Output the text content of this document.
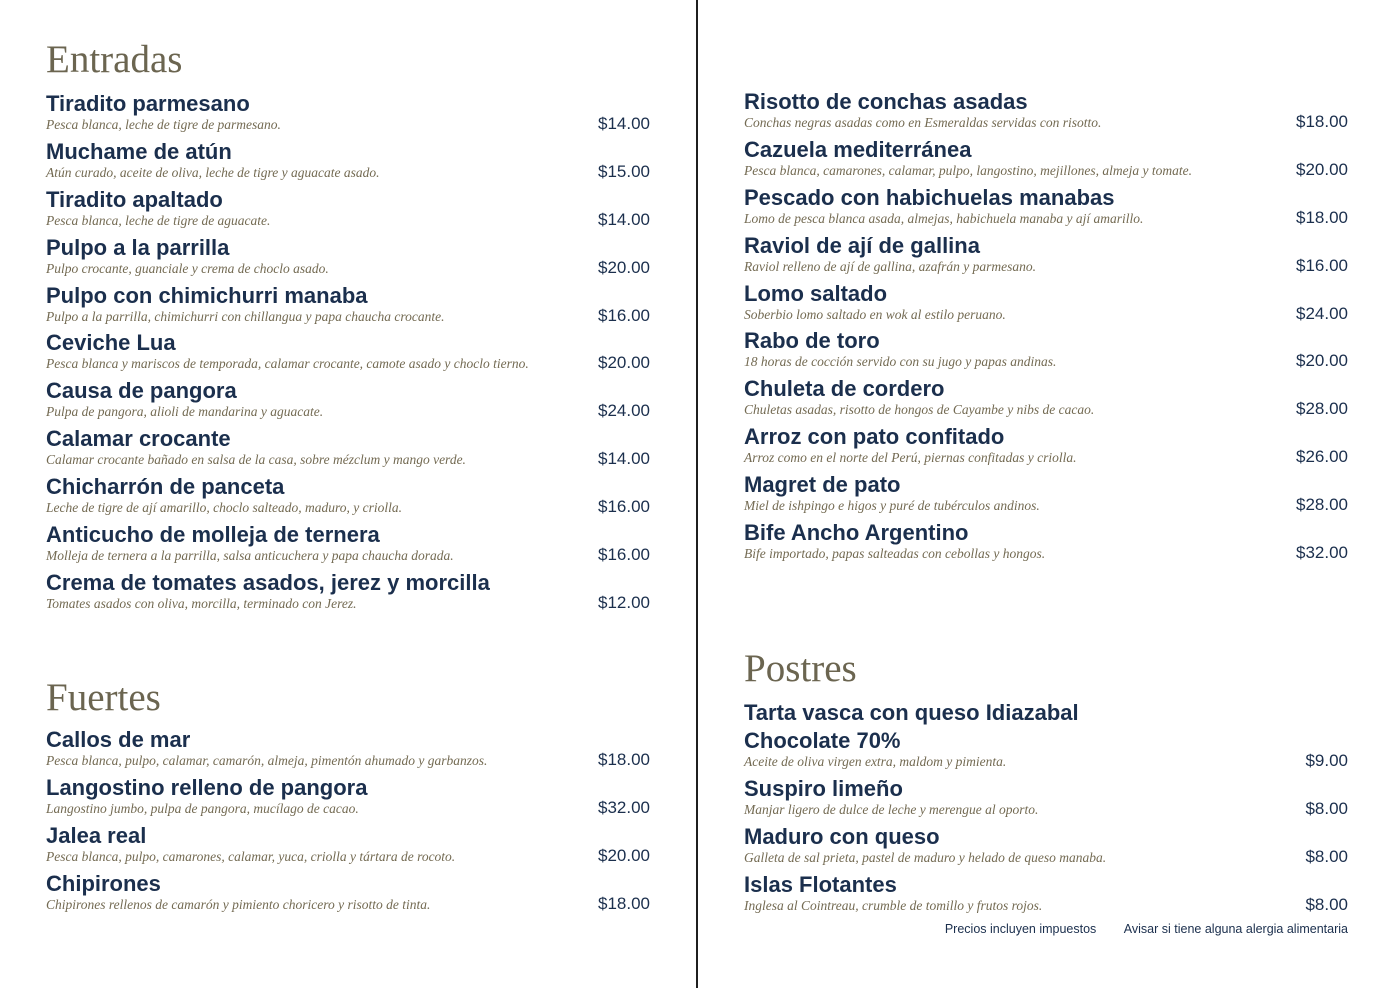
Entradas
Tiradito parmesano
Pesca blanca, leche de tigre de parmesano.	$14.00
Muchame de atún
Atún curado, aceite de oliva, leche de tigre y aguacate asado.	$15.00
Tiradito apaltado
Pesca blanca, leche de tigre de aguacate.	$14.00
Pulpo a la parrilla
Pulpo crocante, guanciale y crema de choclo asado.	$20.00
Pulpo con chimichurri manaba
Pulpo a la parrilla, chimichurri con chillangua y papa chaucha crocante.	$16.00
Ceviche Lua
Pesca blanca y mariscos de temporada, calamar crocante, camote asado y choclo tierno.	$20.00
Causa de pangora
Pulpa de pangora, alioli de mandarina y aguacate.	$24.00
Calamar crocante
Calamar crocante bañado en salsa de la casa, sobre mézclum y mango verde.	$14.00
Chicharrón de panceta
Leche de tigre de ají amarillo, choclo salteado, maduro, y criolla.	$16.00
Anticucho de molleja de ternera
Molleja de ternera a la parrilla, salsa anticuchera y papa chaucha dorada.	$16.00
Crema de tomates asados, jerez y morcilla
Tomates asados con oliva, morcilla, terminado con Jerez.	$12.00
Fuertes
Callos de mar
Pesca blanca, pulpo, calamar, camarón, almeja, pimentón ahumado y garbanzos.	$18.00
Langostino relleno de pangora
Langostino jumbo, pulpa de pangora, mucílago de cacao.	$32.00
Jalea real
Pesca blanca, pulpo, camarones, calamar, yuca, criolla y tártara de rocoto.	$20.00
Chipirones
Chipirones rellenos de camarón y pimiento choricero y risotto de tinta.	$18.00
Risotto de conchas asadas
Conchas negras asadas como en Esmeraldas servidas con risotto.	$18.00
Cazuela mediterránea
Pesca blanca, camarones, calamar, pulpo, langostino, mejillones, almeja y tomate.	$20.00
Pescado con habichuelas manabas
Lomo de pesca blanca asada, almejas, habichuela manaba y ají amarillo.	$18.00
Raviol de ají de gallina
Raviol relleno de ají de gallina, azafrán y parmesano.	$16.00
Lomo saltado
Soberbio lomo saltado en wok al estilo peruano.	$24.00
Rabo de toro
18 horas de cocción servido con su jugo y papas andinas.	$20.00
Chuleta de cordero
Chuletas asadas, risotto de hongos de Cayambe y nibs de cacao.	$28.00
Arroz con pato confitado
Arroz como en el norte del Perú, piernas confitadas y criolla.	$26.00
Magret de pato
Miel de ishpingo e higos y puré de tubérculos andinos.	$28.00
Bife Ancho Argentino
Bife importado, papas salteadas con cebollas y hongos.	$32.00
Postres
Tarta vasca con queso Idiazabal
Chocolate 70%
Aceite de oliva virgen extra, maldom y pimienta.	$9.00
Suspiro limeño
Manjar ligero de dulce de leche y merengue al oporto.	$8.00
Maduro con queso
Galleta de sal prieta, pastel de maduro y helado de queso manaba.	$8.00
Islas Flotantes
Inglesa al Cointreau, crumble de tomillo y frutos rojos.	$8.00
Precios incluyen impuestos Avisar si tiene alguna alergia alimentaria
